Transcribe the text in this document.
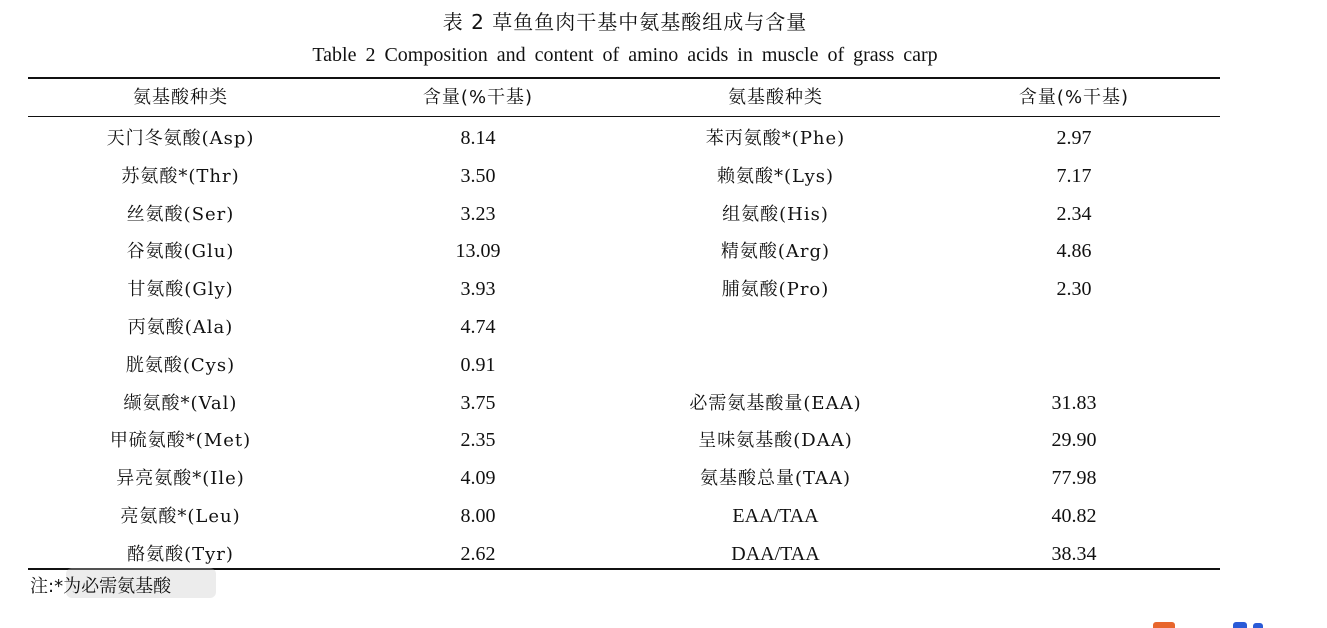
表 2 草鱼鱼肉干基中氨基酸组成与含量
Table 2 Composition and content of amino acids in muscle of grass carp
氨基酸种类	含量(%干基)	氨基酸种类	含量(%干基)
天门冬氨酸(Asp)	8.14	苯丙氨酸*(Phe)	2.97
苏氨酸*(Thr)	3.50	赖氨酸*(Lys)	7.17
丝氨酸(Ser)	3.23	组氨酸(His)	2.34
谷氨酸(Glu)	13.09	精氨酸(Arg)	4.86
甘氨酸(Gly)	3.93	脯氨酸(Pro)	2.30
丙氨酸(Ala)	4.74
胱氨酸(Cys)	0.91
缬氨酸*(Val)	3.75	必需氨基酸量(EAA)	31.83
甲硫氨酸*(Met)	2.35	呈味氨基酸(DAA)	29.90
异亮氨酸*(Ile)	4.09	氨基酸总量(TAA)	77.98
亮氨酸*(Leu)	8.00	EAA/TAA	40.82
酪氨酸(Tyr)	2.62	DAA/TAA	38.34
注:*为必需氨基酸
